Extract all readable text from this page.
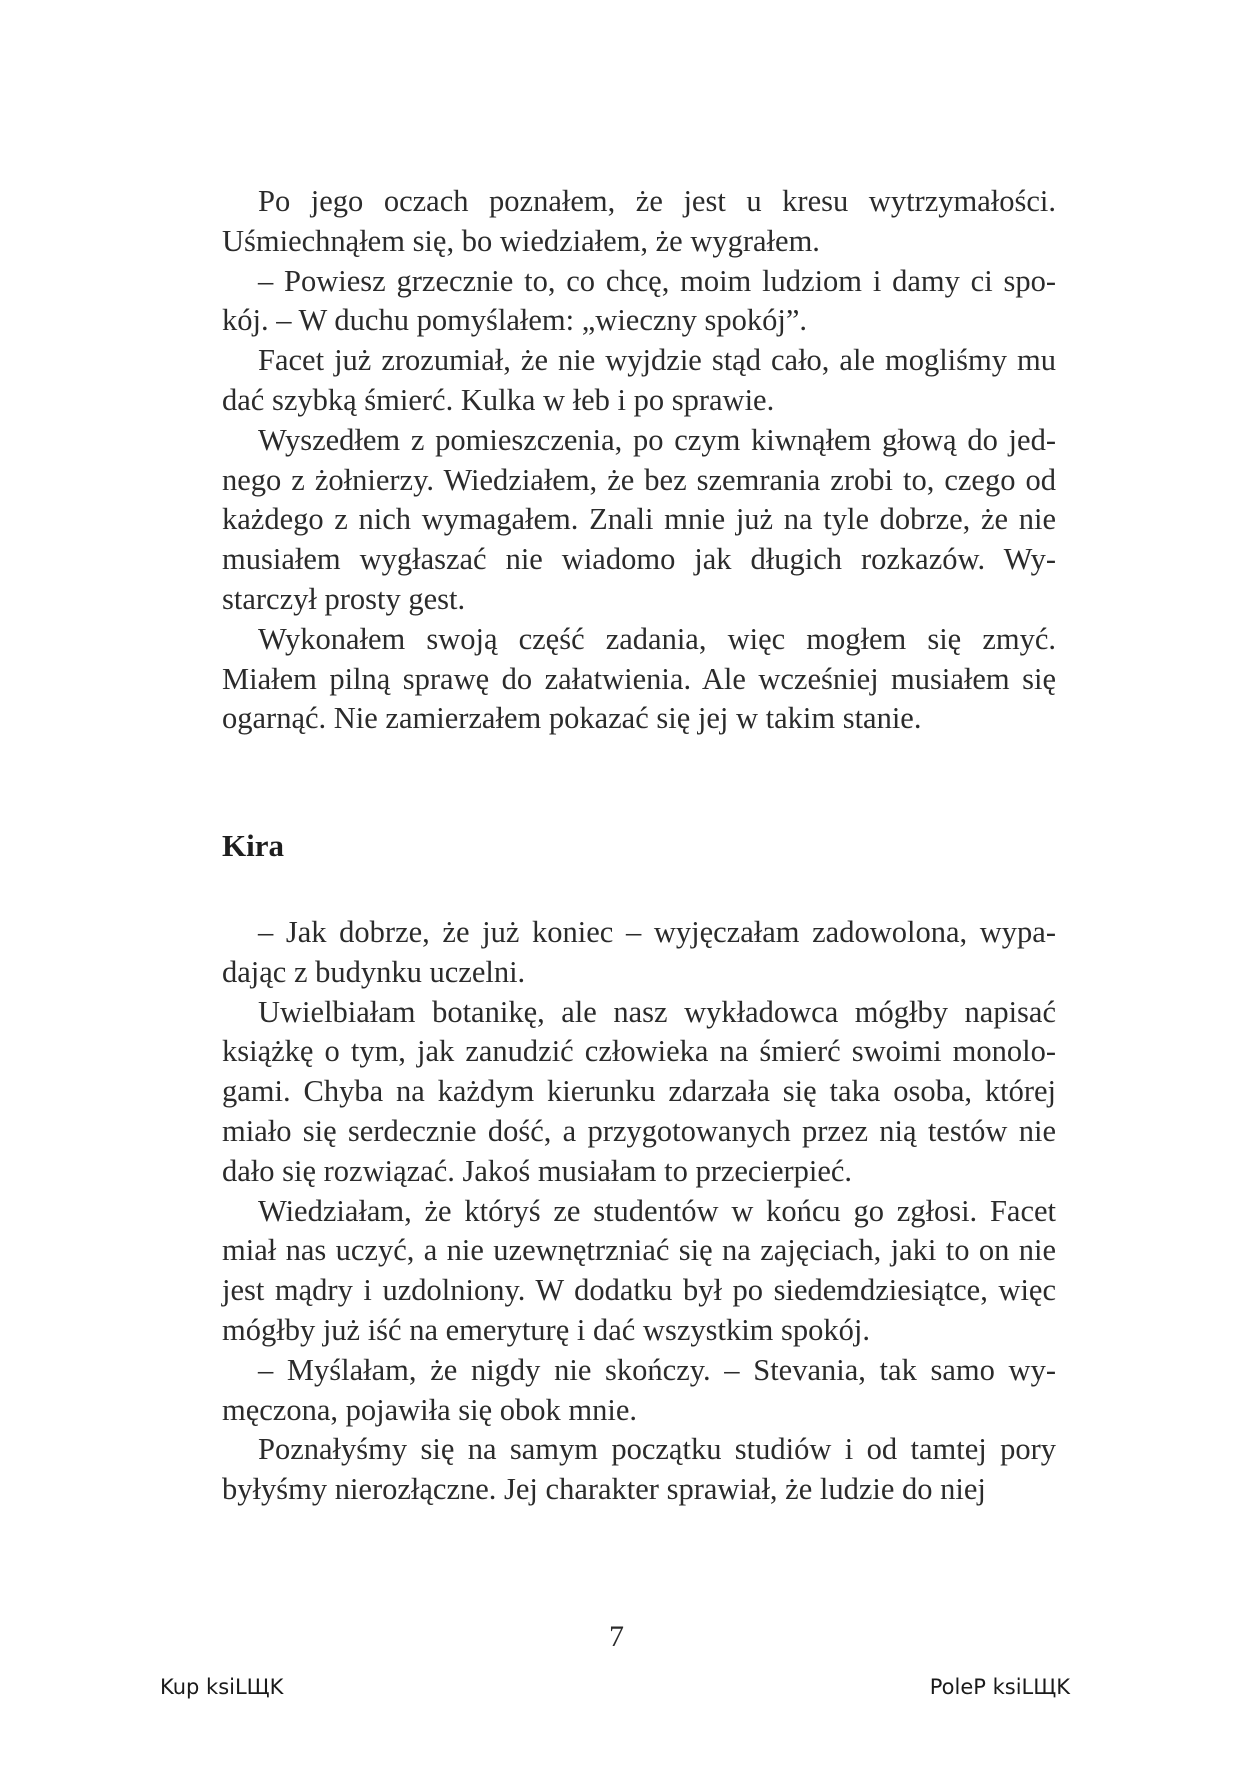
Po jego oczach poznałem, że jest u kresu wytrzymałości. Uśmiechnąłem się, bo wiedziałem, że wygrałem.

– Powiesz grzecznie to, co chcę, moim ludziom i damy ci spokój. – W duchu pomyślałem: „wieczny spokój”.

Facet już zrozumiał, że nie wyjdzie stąd cało, ale mogliśmy mu dać szybką śmierć. Kulka w łeb i po sprawie.

Wyszedłem z pomieszczenia, po czym kiwnąłem głową do jednego z żołnierzy. Wiedziałem, że bez szemrania zrobi to, czego od każdego z nich wymagałem. Znali mnie już na tyle dobrze, że nie musiałem wygłaszać nie wiadomo jak długich rozkazów. Wystarczył prosty gest.

Wykonałem swoją część zadania, więc mogłem się zmyć. Miałem pilną sprawę do załatwienia. Ale wcześniej musiałem się ogarnąć. Nie zamierzałem pokazać się jej w takim stanie.

Kira

– Jak dobrze, że już koniec – wyjęczałam zadowolona, wypadając z budynku uczelni.

Uwielbiałam botanikę, ale nasz wykładowca mógłby napisać książkę o tym, jak zanudzić człowieka na śmierć swoimi monologami. Chyba na każdym kierunku zdarzała się taka osoba, której miało się serdecznie dość, a przygotowanych przez nią testów nie dało się rozwiązać. Jakoś musiałam to przecierpieć.

Wiedziałam, że któryś ze studentów w końcu go zgłosi. Facet miał nas uczyć, a nie uzewnętrzniać się na zajęciach, jaki to on nie jest mądry i uzdolniony. W dodatku był po siedemdziesiątce, więc mógłby już iść na emeryturę i dać wszystkim spokój.

– Myślałam, że nigdy nie skończy. – Stevania, tak samo wymęczona, pojawiła się obok mnie.

Poznałyśmy się na samym początku studiów i od tamtej pory byłyśmy nierozłączne. Jej charakter sprawiał, że ludzie do niej

7
Kup ksiLЩK	PoleP ksiLЩK
